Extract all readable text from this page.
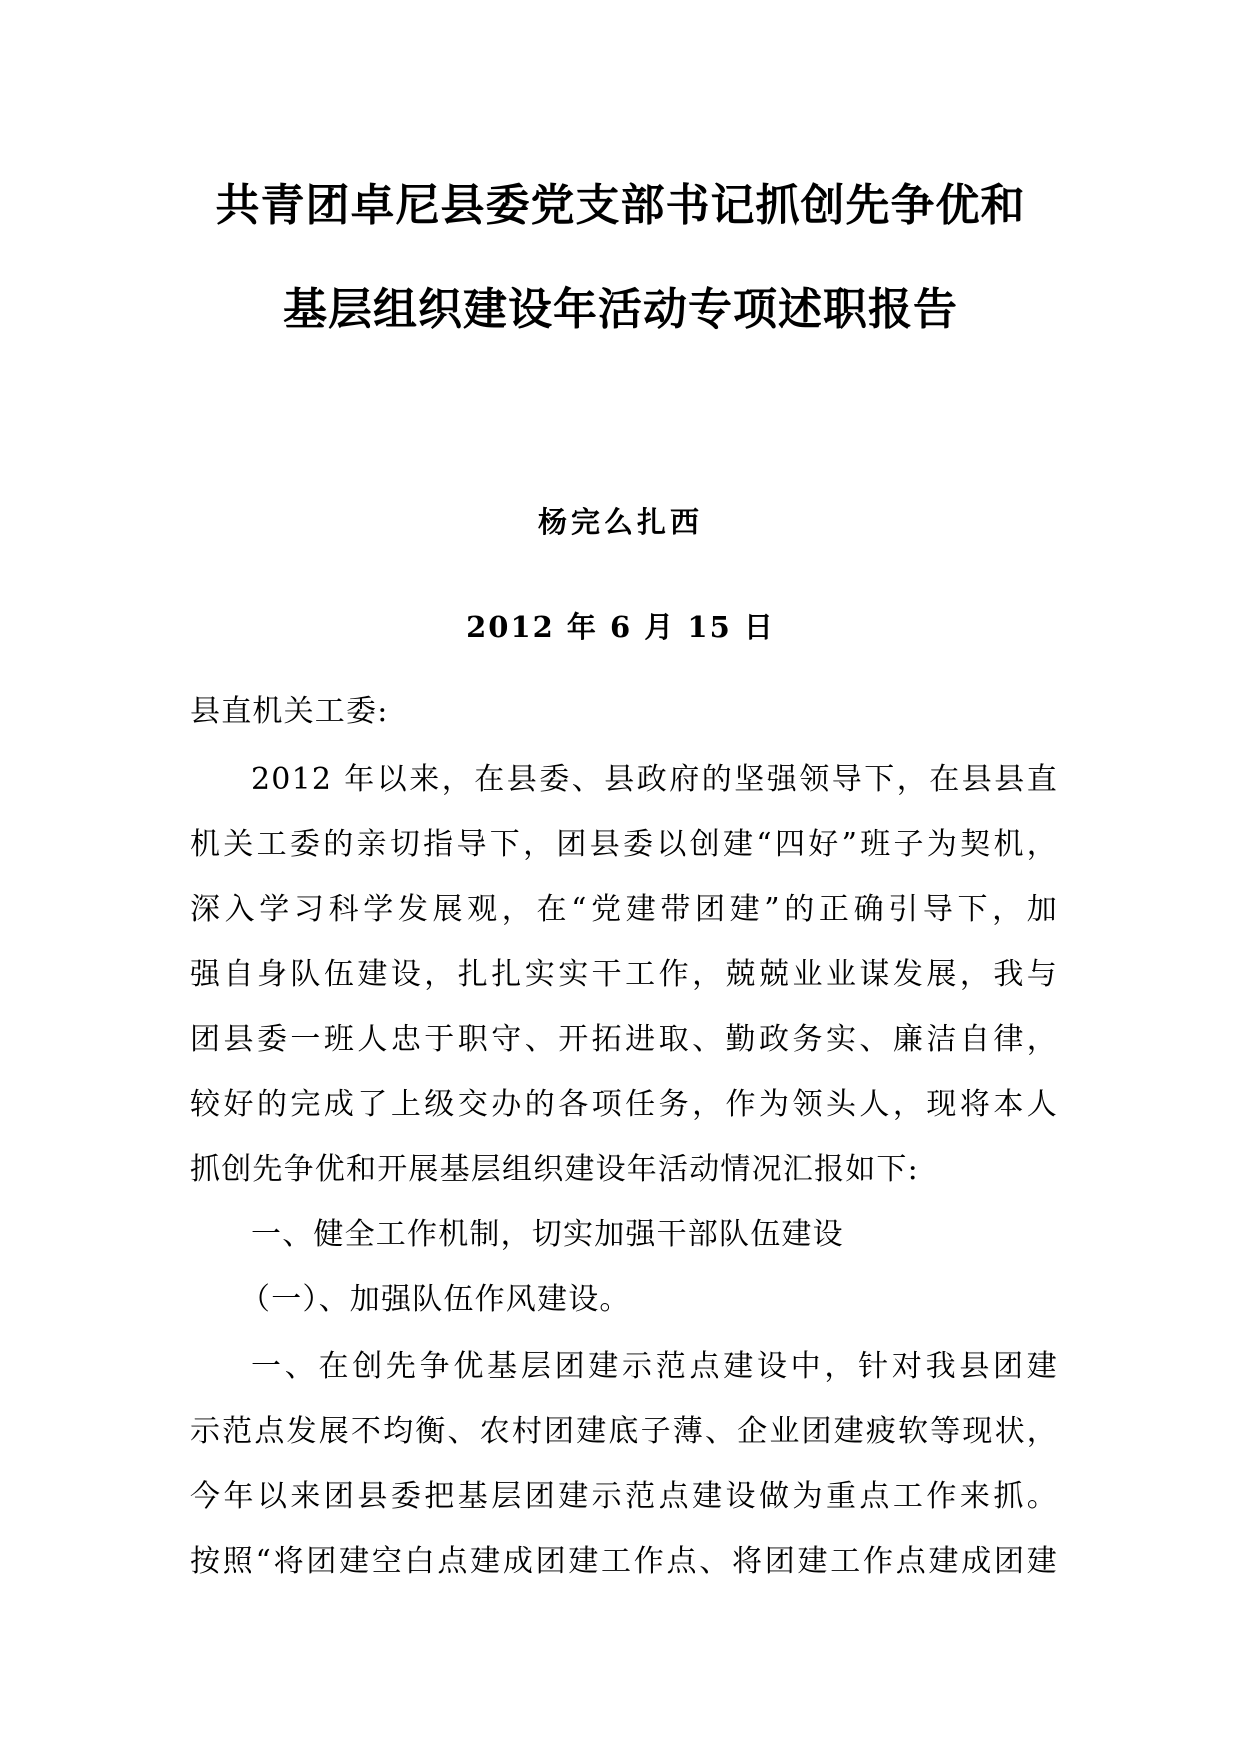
共青团卓尼县委党支部书记抓创先争优和
基层组织建设年活动专项述职报告
杨完么扎西
2012 年 6 月 15 日
县直机关工委:
2012 年以来，在县委、县政府的坚强领导下，在县县直
机关工委的亲切指导下，团县委以创建“四好”班子为契机，
深入学习科学发展观，在“党建带团建”的正确引导下，加
强自身队伍建设，扎扎实实干工作，兢兢业业谋发展，我与
团县委一班人忠于职守、开拓进取、勤政务实、廉洁自律，
较好的完成了上级交办的各项任务，作为领头人，现将本人
抓创先争优和开展基层组织建设年活动情况汇报如下:
一、健全工作机制，切实加强干部队伍建设
（一）、加强队伍作风建设。
一、在创先争优基层团建示范点建设中，针对我县团建
示范点发展不均衡、农村团建底子薄、企业团建疲软等现状，
今年以来团县委把基层团建示范点建设做为重点工作来抓。
按照“将团建空白点建成团建工作点、将团建工作点建成团建
